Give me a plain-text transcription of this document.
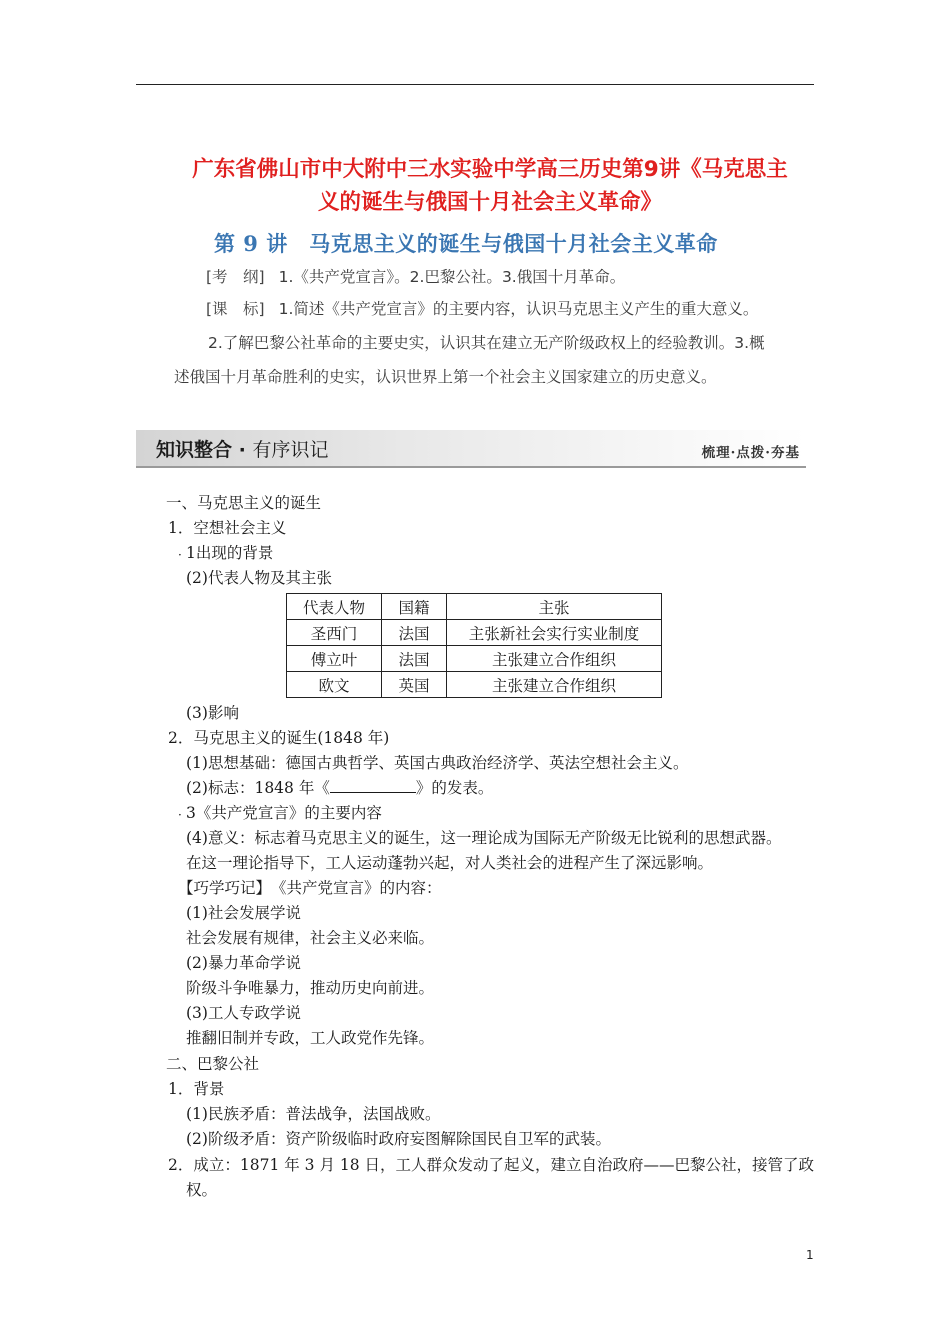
广东省佛山市中大附中三水实验中学高三历史第9讲《马克思主
义的诞生与俄国十月社会主义革命》
第 9 讲　马克思主义的诞生与俄国十月社会主义革命
[考　纲] 1.《共产党宣言》。2.巴黎公社。3.俄国十月革命。
[课　标] 1.简述《共产党宣言》的主要内容，认识马克思主义产生的重大意义。
2.了解巴黎公社革命的主要史实，认识其在建立无产阶级政权上的经验教训。3.概
述俄国十月革命胜利的史实，认识世界上第一个社会主义国家建立的历史意义。
知识整合 · 有序识记	梳理·点拨·夯基
一、马克思主义的诞生
1．空想社会主义
· 1出现的背景
(2)代表人物及其主张
代表人物	国籍	主张
圣西门	法国	主张新社会实行实业制度
傅立叶	法国	主张建立合作组织
欧文	英国	主张建立合作组织
(3)影响
2．马克思主义的诞生(1848 年)
(1)思想基础：德国古典哲学、英国古典政治经济学、英法空想社会主义。
(2)标志：1848 年《	》的发表。
· 3《共产党宣言》的主要内容
(4)意义：标志着马克思主义的诞生，这一理论成为国际无产阶级无比锐利的思想武器。
在这一理论指导下，工人运动蓬勃兴起，对人类社会的进程产生了深远影响。
【巧学巧记】　《共产党宣言》的内容：
(1)社会发展学说
社会发展有规律，社会主义必来临。
(2)暴力革命学说
阶级斗争唯暴力，推动历史向前进。
(3)工人专政学说
推翻旧制并专政，工人政党作先锋。
二、巴黎公社
1．背景
(1)民族矛盾：普法战争，法国战败。
(2)阶级矛盾：资产阶级临时政府妄图解除国民自卫军的武装。
2．成立：1871 年 3 月 18 日，工人群众发动了起义，建立自治政府——巴黎公社，接管了政
权。
1
